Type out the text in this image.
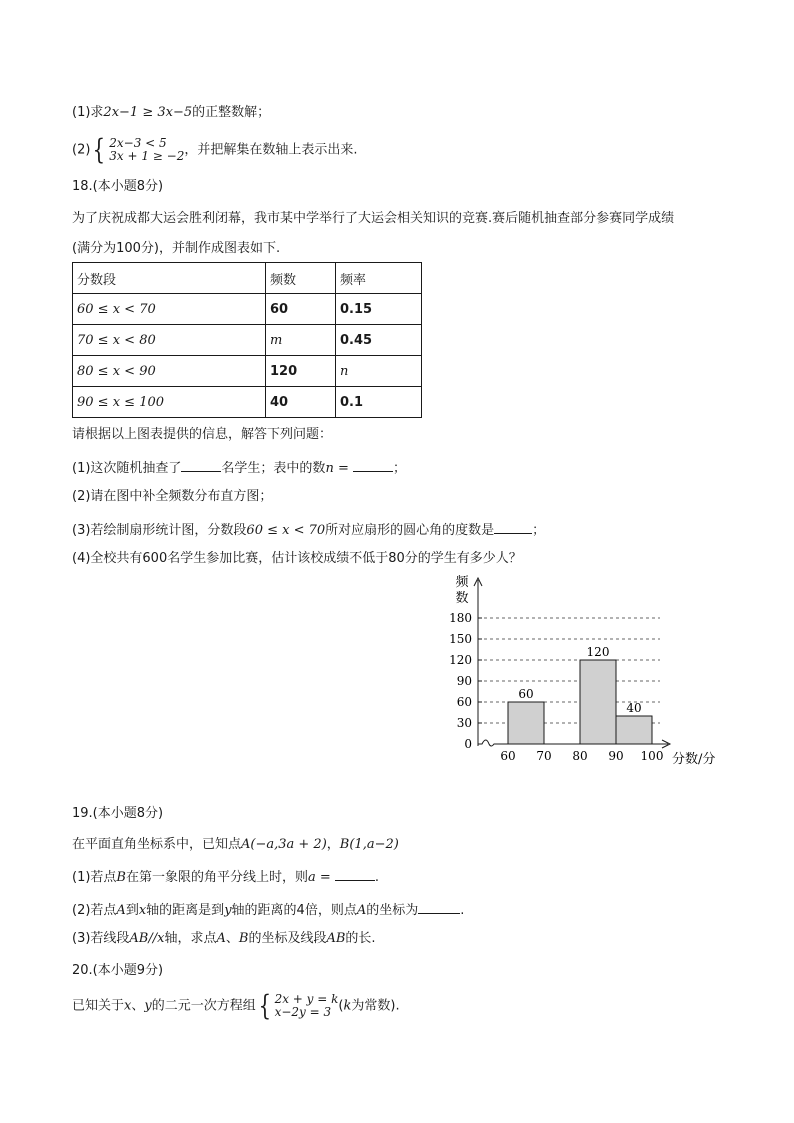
(1)求2x−1 ≥ 3x−5的正整数解；
(2) { 2x−3 < 5
3x + 1 ≥ −2 ，并把解集在数轴上表示出来.
18.(本小题8分)
为了庆祝成都大运会胜利闭幕，我市某中学举行了大运会相关知识的竞赛.赛后随机抽查部分参赛同学成绩
(满分为100分)，并制作成图表如下.
分数段	频数	频率
60 ≤ x < 70	60	0.15
70 ≤ x < 80	m	0.45
80 ≤ x < 90	120	n
90 ≤ x ≤ 100	40	0.1
请根据以上图表提供的信息，解答下列问题：
(1)这次随机抽查了	名学生；表中的数n =	；
(2)请在图中补全频数分布直方图；
(3)若绘制扇形统计图，分数段60 ≤ x < 70所对应扇形的圆心角的度数是	；
(4)全校共有600名学生参加比赛，估计该校成绩不低于80分的学生有多少人？
60
120
40
0
30
60
90
120
150
180
60 70 80 90 100
频
数
分数/分
19.(本小题8分)
在平面直角坐标系中，已知点A(−a,3a + 2)，B(1,a−2)
(1)若点B在第一象限的角平分线上时，则a =	.
(2)若点A到x轴的距离是到y轴的距离的4倍，则点A的坐标为	.
(3)若线段AB//x轴，求点A、B的坐标及线段AB的长.
20.(本小题9分)
已知关于x、y的二元一次方程组 { 2x + y = k
x−2y = 3 (k为常数).
